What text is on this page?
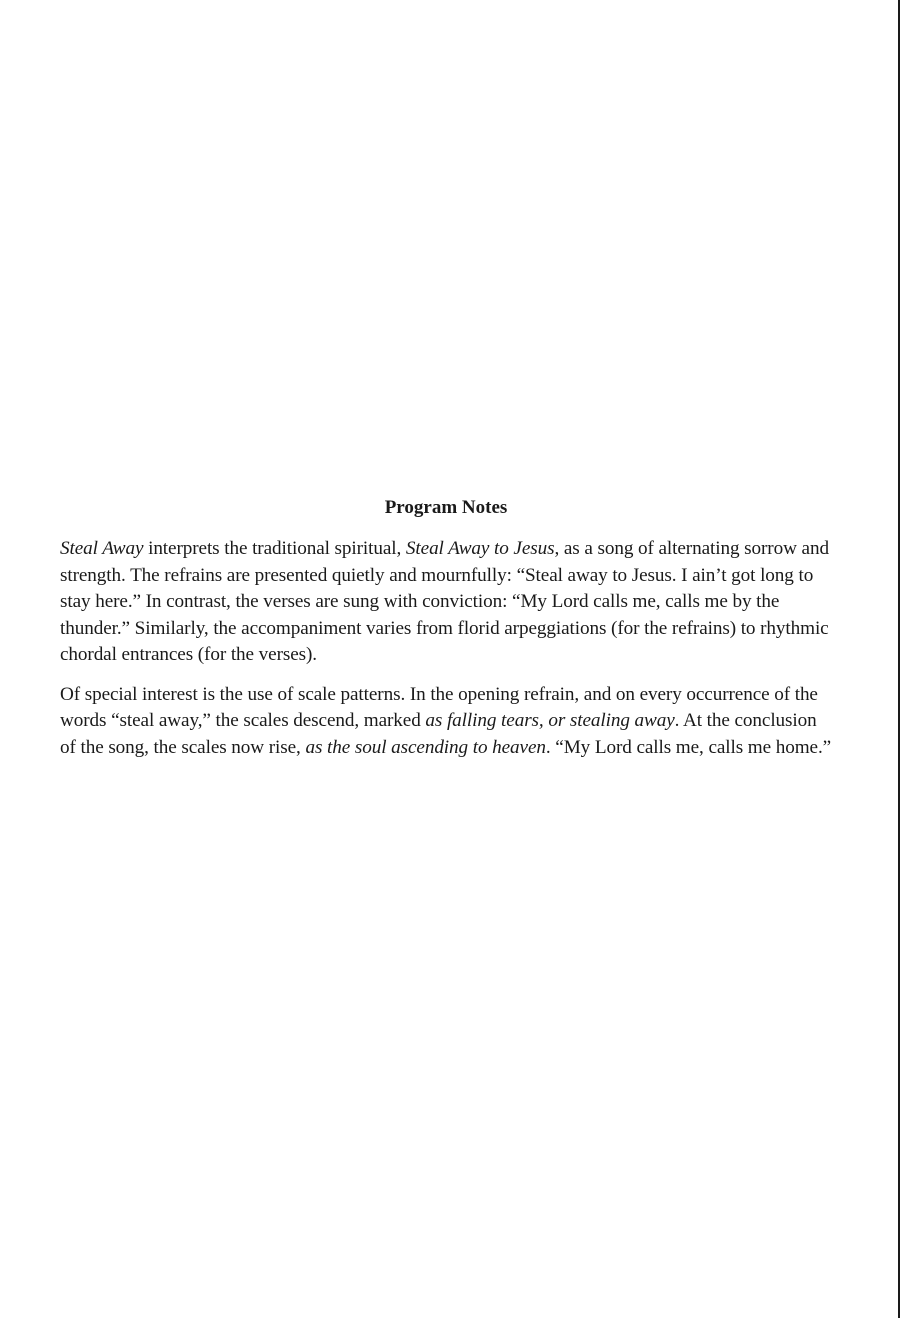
Program Notes

Steal Away interprets the traditional spiritual, Steal Away to Jesus, as a song of alternating sorrow and strength. The refrains are presented quietly and mournfully: “Steal away to Jesus. I ain’t got long to stay here.” In contrast, the verses are sung with conviction: “My Lord calls me, calls me by the thunder.” Similarly, the accompaniment varies from florid arpeggiations (for the refrains) to rhythmic chordal entrances (for the verses).

Of special interest is the use of scale patterns. In the opening refrain, and on every occurrence of the words “steal away,” the scales descend, marked as falling tears, or stealing away. At the conclusion of the song, the scales now rise, as the soul ascending to heaven. “My Lord calls me, calls me home.”
